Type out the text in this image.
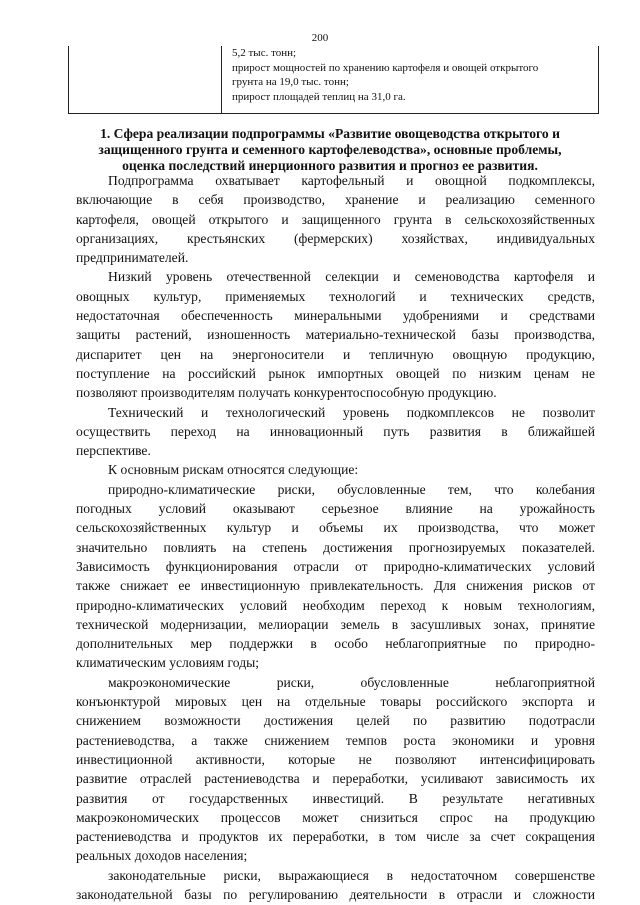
200
5,2 тыс. тонн;
прирост мощностей по хранению картофеля и овощей открытого
грунта на 19,0 тыс. тонн;
прирост площадей теплиц на 31,0 га.
1. Сфера реализации подпрограммы «Развитие овощеводства открытого и
защищенного грунта и семенного картофелеводства», основные проблемы,
оценка последствий инерционного развития и прогноз ее развития.
Подпрограмма охватывает картофельный и овощной подкомплексы,
включающие в себя производство, хранение и реализацию семенного
картофеля, овощей открытого и защищенного грунта в сельскохозяйственных
организациях, крестьянских (фермерских) хозяйствах, индивидуальных
предпринимателей.
Низкий уровень отечественной селекции и семеноводства картофеля и
овощных культур, применяемых технологий и технических средств,
недостаточная обеспеченность минеральными удобрениями и средствами
защиты растений, изношенность материально-технической базы производства,
диспаритет цен на энергоносители и тепличную овощную продукцию,
поступление на российский рынок импортных овощей по низким ценам не
позволяют производителям получать конкурентоспособную продукцию.
Технический и технологический уровень подкомплексов не позволит
осуществить переход на инновационный путь развития в ближайшей
перспективе.
К основным рискам относятся следующие:
природно-климатические риски, обусловленные тем, что колебания
погодных условий оказывают серьезное влияние на урожайность
сельскохозяйственных культур и объемы их производства, что может
значительно повлиять на степень достижения прогнозируемых показателей.
Зависимость функционирования отрасли от природно-климатических условий
также снижает ее инвестиционную привлекательность. Для снижения рисков от
природно-климатических условий необходим переход к новым технологиям,
технической модернизации, мелиорации земель в засушливых зонах, принятие
дополнительных мер поддержки в особо неблагоприятные по природно-
климатическим условиям годы;
макроэкономические риски, обусловленные неблагоприятной
конъюнктурой мировых цен на отдельные товары российского экспорта и
снижением возможности достижения целей по развитию подотрасли
растениеводства, а также снижением темпов роста экономики и уровня
инвестиционной активности, которые не позволяют интенсифицировать
развитие отраслей растениеводства и переработки, усиливают зависимость их
развития от государственных инвестиций. В результате негативных
макроэкономических процессов может снизиться спрос на продукцию
растениеводства и продуктов их переработки, в том числе за счет сокращения
реальных доходов населения;
законодательные риски, выражающиеся в недостаточном совершенстве
законодательной базы по регулированию деятельности в отрасли и сложности
